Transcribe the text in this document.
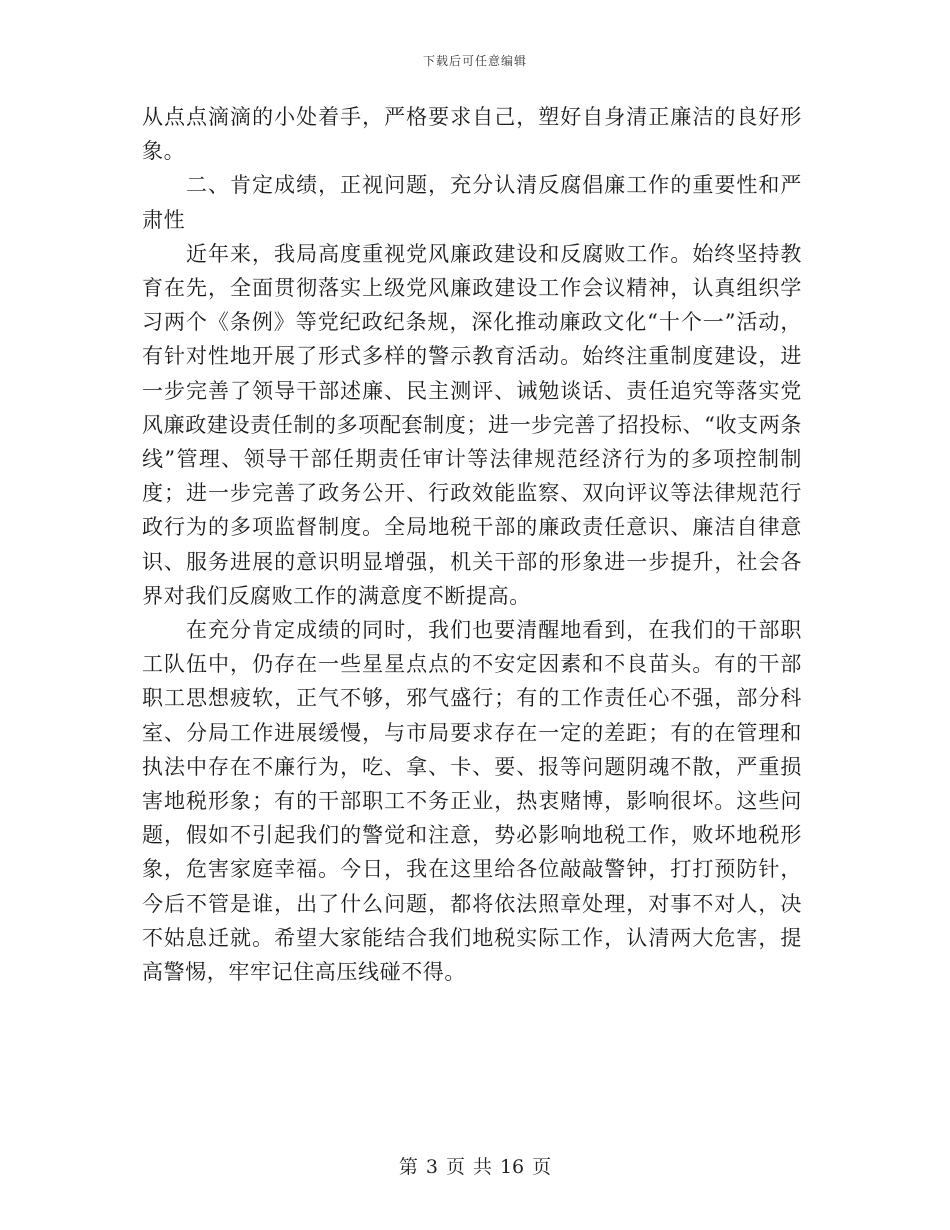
下载后可任意编辑

从点点滴滴的小处着手，严格要求自己，塑好自身清正廉洁的良好形象。

二、肯定成绩，正视问题，充分认清反腐倡廉工作的重要性和严肃性

近年来，我局高度重视党风廉政建设和反腐败工作。始终坚持教育在先，全面贯彻落实上级党风廉政建设工作会议精神，认真组织学习两个《条例》等党纪政纪条规，深化推动廉政文化“十个一”活动，有针对性地开展了形式多样的警示教育活动。始终注重制度建设，进一步完善了领导干部述廉、民主测评、诫勉谈话、责任追究等落实党风廉政建设责任制的多项配套制度；进一步完善了招投标、“收支两条线”管理、领导干部任期责任审计等法律规范经济行为的多项控制制度；进一步完善了政务公开、行政效能监察、双向评议等法律规范行政行为的多项监督制度。全局地税干部的廉政责任意识、廉洁自律意识、服务进展的意识明显增强，机关干部的形象进一步提升，社会各界对我们反腐败工作的满意度不断提高。

在充分肯定成绩的同时，我们也要清醒地看到，在我们的干部职工队伍中，仍存在一些星星点点的不安定因素和不良苗头。有的干部职工思想疲软，正气不够，邪气盛行；有的工作责任心不强，部分科室、分局工作进展缓慢，与市局要求存在一定的差距；有的在管理和执法中存在不廉行为，吃、拿、卡、要、报等问题阴魂不散，严重损害地税形象；有的干部职工不务正业，热衷赌博，影响很坏。这些问题，假如不引起我们的警觉和注意，势必影响地税工作，败坏地税形象，危害家庭幸福。今日，我在这里给各位敲敲警钟，打打预防针，今后不管是谁，出了什么问题，都将依法照章处理，对事不对人，决不姑息迁就。希望大家能结合我们地税实际工作，认清两大危害，提高警惕，牢牢记住高压线碰不得。

第 3 页 共 16 页
